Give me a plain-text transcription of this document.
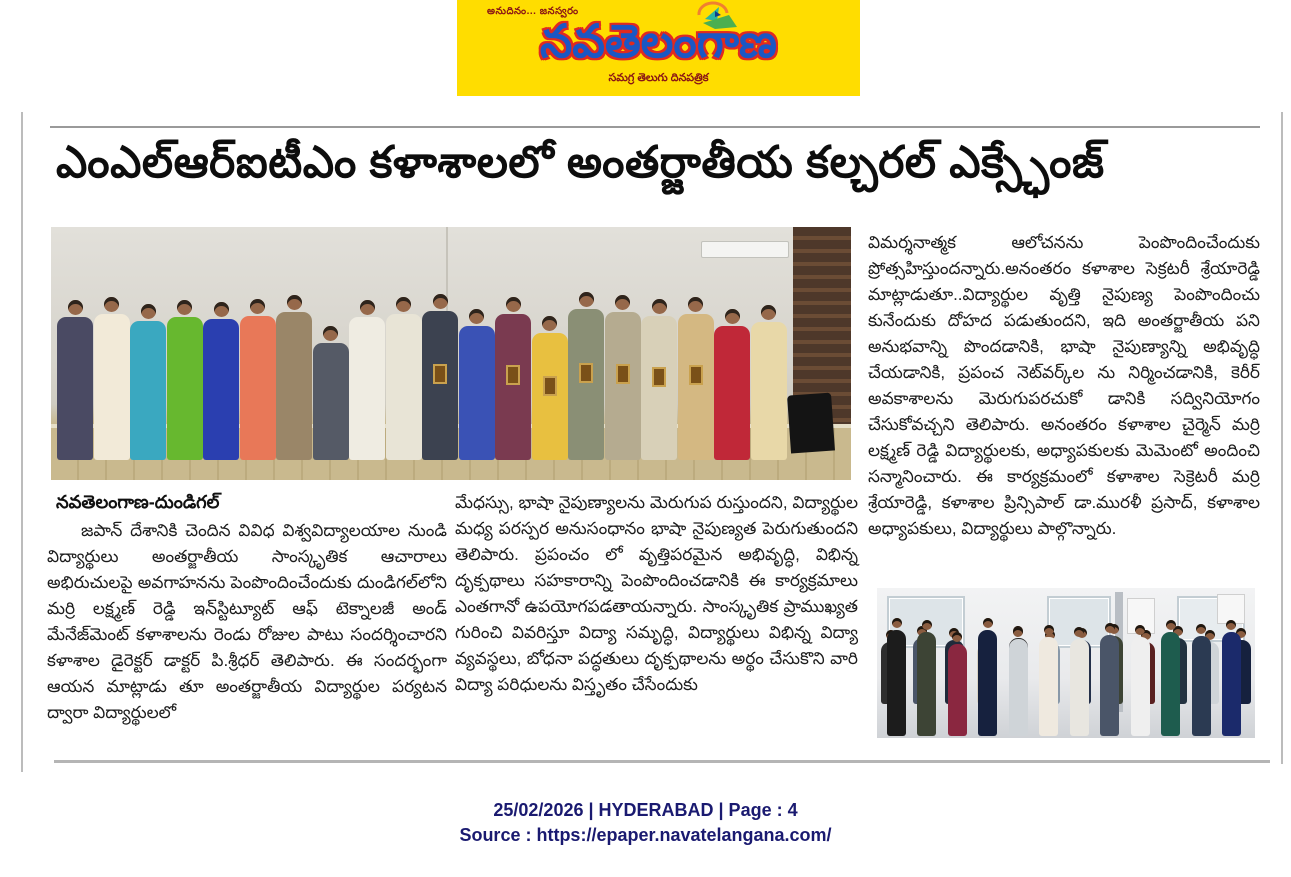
అనుదినం... జనస్వరం
నవతెలంగాణ
సమగ్ర తెలుగు దినపత్రిక
ఎంఎల్ఆర్ఐటీఎం కళాశాలలో అంతర్జాతీయ కల్చరల్ ఎక్స్ఛేంజ్
నవతెలంగాణ-దుండిగల్
జపాన్ దేశానికి చెందిన వివిధ విశ్వవిద్యాలయాల నుండి విద్యార్థులు అంతర్జాతీయ సాంస్కృతిక ఆచారాలు అభిరుచులపై అవగాహనను పెంపొందించేందుకు దుండిగల్‌లోని మర్రి లక్ష్మణ్ రెడ్డి ఇన్‌స్టిట్యూట్ ఆఫ్ టెక్నాలజీ అండ్ మేనేజ్‌మెంట్ కళాశాలను రెండు రోజుల పాటు సందర్శించారని కళాశాల డైరెక్టర్ డాక్టర్ పి.శ్రీధర్ తెలిపారు. ఈ సందర్భంగా ఆయన మాట్లాడు తూ అంతర్జాతీయ విద్యార్థుల పర్యటన ద్వారా విద్యార్థులలో
మేధస్సు, భాషా నైపుణ్యాలను మెరుగుప రుస్తుందని, విద్యార్థుల మధ్య పరస్పర అనుసంధానం భాషా నైపుణ్యత పెరుగుతుందని తెలిపారు. ప్రపంచం లో వృత్తిపరమైన అభివృద్ధి, విభిన్న దృక్పథాలు సహకారాన్ని పెంపొందించడానికి ఈ కార్యక్రమాలు ఎంతగానో ఉపయోగపడతాయన్నారు. సాంస్కృతిక ప్రాముఖ్యత గురించి వివరిస్తూ విద్యా సమృద్ధి, విద్యార్థులు విభిన్న విద్యా వ్యవస్థలు, బోధనా పద్ధతులు దృక్పథాలను అర్థం చేసుకొని వారి విద్యా పరిధులను విస్తృతం చేసేందుకు
విమర్శనాత్మక ఆలోచనను పెంపొందించేందుకు ప్రోత్సహిస్తుందన్నారు.అనంతరం కళాశాల సెక్రటరీ శ్రేయారెడ్డి మాట్లాడుతూ..విద్యార్థుల వృత్తి నైపుణ్య పెంపొందించు కునేందుకు దోహద పడుతుందని, ఇది అంతర్జాతీయ పని అనుభవాన్ని పొందడానికి, భాషా నైపుణ్యాన్ని అభివృద్ధి చేయడానికి, ప్రపంచ నెట్‌వర్క్‌ల ను నిర్మించడానికి, కెరీర్ అవకాశాలను మెరుగుపరచుకో డానికి సద్వినియోగం చేసుకోవచ్చని తెలిపారు. అనంతరం కళాశాల చైర్మెన్ మర్రి లక్ష్మణ్ రెడ్డి విద్యార్థులకు, అధ్యాపకులకు మెమెంటో అందించి సన్మానించారు. ఈ కార్యక్రమంలో కళాశాల సెక్రెటరీ మర్రి శ్రేయారెడ్డి, కళాశాల ప్రిన్సిపాల్ డా.మురళీ ప్రసాద్, కళాశాల అధ్యాపకులు, విద్యార్థులు పాల్గొన్నారు.
25/02/2026 | HYDERABAD | Page : 4
Source : https://epaper.navatelangana.com/
